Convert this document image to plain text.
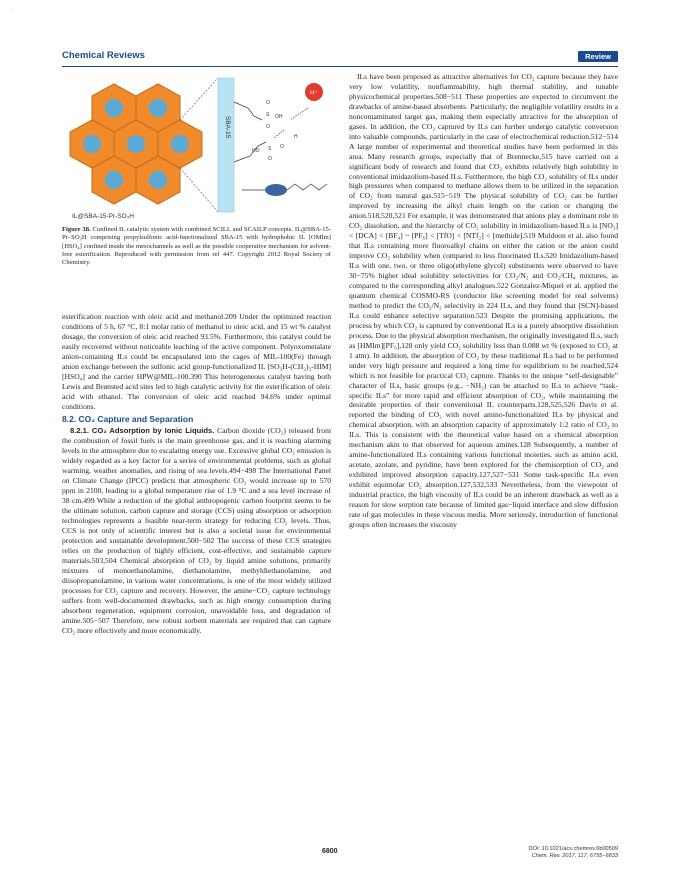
·
Chemical Reviews	Review
SBA-15
O
S
O
OH
HO S O
O
H
H⁺
IL@SBA-15-Pr-SO₃H
Figure 38. Confined IL catalytic system with combined SCILL and SCAILP concepts. IL@SBA-15-Pr–SO₃H comprising propylsulfonic acid-functionalized SBA-15 with hydrophobic IL [OMIm][HSO₄] confined inside the mesochannels as well as the possible cooperative mechanism for solvent-free esterification. Reproduced with permission from ref 447. Copyright 2012 Royal Society of Chemistry.

esterification reaction with oleic acid and methanol.209 Under the optimized reaction conditions of 5 h, 67 °C, 8:1 molar ratio of methanol to oleic acid, and 15 wt % catalyst dosage, the conversion of oleic acid reached 93.5%. Furthermore, this catalyst could be easily recovered without noticeable leaching of the active component. Polyoxometalate anion-containing ILs could be encapsulated into the cages of MIL-100(Fe) through anion exchange between the sulfonic acid group-functionalized IL [SO₃H-(CH₂)₃-HIM][HSO₄] and the carrier HPW@MIL-100.390 This heterogeneous catalyst having both Lewis and Brønsted acid sites led to high catalytic activity for the esterification of oleic acid with ethanol. The conversion of oleic acid reached 94.6% under optimal conditions.

8.2. CO₂ Capture and Separation

8.2.1. CO₂ Adsorption by Ionic Liquids. Carbon dioxide (CO₂) released from the combustion of fossil fuels is the main greenhouse gas, and it is reaching alarming levels in the atmosphere due to escalating energy use. Excessive global CO₂ emission is widely regarded as a key factor for a series of environmental problems, such as global warming, weather anomalies, and rising of sea levels.494−498 The International Panel on Climate Change (IPCC) predicts that atmospheric CO₂ would increase up to 570 ppm in 2100, leading to a global temperature rise of 1.9 °C and a sea level increase of 38 cm.499 While a reduction of the global anthropogenic carbon footprint seems to be the ultimate solution, carbon capture and storage (CCS) using absorption or adsorption technologies represents a feasible near-term strategy for reducing CO₂ levels. Thus, CCS is not only of scientific interest but is also a societal issue for environmental protection and sustainable development.500−502 The success of these CCS strategies relies on the production of highly efficient, cost-effective, and sustainable capture materials.503,504 Chemical absorption of CO₂ by liquid amine solutions, primarily mixtures of monoethanolamine, diethanolamine, methyldiethanolamine, and diisopropanolamine, in various water concentrations, is one of the most widely utilized processes for CO₂ capture and recovery. However, the amine−CO₂ capture technology suffers from well-documented drawbacks, such as high energy consumption during absorbent regeneration, equipment corrosion, unavoidable loss, and degradation of amine.505−507 Therefore, new robust sorbent materials are required that can capture CO₂ more effectively and more economically.

ILs have been proposed as attractive alternatives for CO₂ capture because they have very low volatility, nonflammability, high thermal stability, and tunable physicochemical properties.508−511 These properties are expected to circumvent the drawbacks of amine-based absorbents. Particularly, the negligible volatility results in a noncontaminated target gas, making them especially attractive for the absorption of gases. In addition, the CO₂ captured by ILs can further undergo catalytic conversion into valuable compounds, particularly in the case of electrochemical reduction.512−514 A large number of experimental and theoretical studies have been performed in this area. Many research groups, especially that of Brennecke,515 have carried out a significant body of research and found that CO₂ exhibits relatively high solubility in conventional imidazolium-based ILs. Furthermore, the high CO₂ solubility of ILs under high pressures when compared to methane allows them to be utilized in the separation of CO₂ from natural gas.515−519 The physical solubility of CO₂ can be further improved by increasing the alkyl chain length on the cation or changing the anion.518,520,521 For example, it was demonstrated that anions play a dominant role in CO₂ dissolution, and the hierarchy of CO₂ solubility in imidazolium-based ILs is [NO₃] < [DCA] < [BF₄] ~ [PF₆] < [TfO] < [NTf₂] < [methide].519 Muldoon et al. also found that ILs containing more fluoroalkyl chains on either the cation or the anion could improve CO₂ solubility when compared to less fluorinated ILs.520 Imidazolium-based ILs with one, two, or three oligo(ethylene glycol) substituents were observed to have 30−75% higher ideal solubility selectivities for CO₂/N₂ and CO₂/CH₄ mixtures, as compared to the corresponding alkyl analogues.522 Gonzalez-Miquel et al. applied the quantum chemical COSMO-RS (conductor like screening model for real solvents) method to predict the CO₂/N₂ selectivity in 224 ILs, and they found that [SCN]-based ILs could enhance selective separation.523 Despite the promising applications, the process by which CO₂ is captured by conventional ILs is a purely absorptive dissolution process. Due to the physical absorption mechanism, the originally investigated ILs, such as [HMIm][PF₆],128 only yield CO₂ solubility less than 0.088 wt % (exposed to CO₂ at 1 atm). In addition, the absorption of CO₂ by these traditional ILs had to be performed under very high pressure and required a long time for equilibrium to be reached,524 which is not feasible for practical CO₂ capture. Thanks to the unique “self-designable” character of ILs, basic groups (e.g., −NH₂) can be attached to ILs to achieve “task-specific ILs” for more rapid and efficient absorption of CO₂, while maintaining the desirable properties of their conventional IL counterparts.128,525,526 Davis et al. reported the binding of CO₂ with novel amino-functionalized ILs by physical and chemical absorption, with an absorption capacity of approximately 1:2 ratio of CO₂ to ILs. This is consistent with the theoretical value based on a chemical absorption mechanism akin to that observed for aqueous amines.128 Subsequently, a number of amine-functionalized ILs containing various functional moieties, such as amino acid, acetate, azolate, and pyridine, have been explored for the chemisorption of CO₂ and exhibited improved absorption capacity.127,527−531 Some task-specific ILs even exhibit equimolar CO₂ absorption.127,532,533 Nevertheless, from the viewpoint of industrial practice, the high viscosity of ILs could be an inherent drawback as well as a reason for slow sorption rate because of limited gas−liquid interface and slow diffusion rate of gas molecules in these viscous media. More seriously, introduction of functional groups often increases the viscosity

6800	DOI: 10.1021/acs.chemrev.6b00509
Chem. Rev. 2017, 117, 6755−6833
